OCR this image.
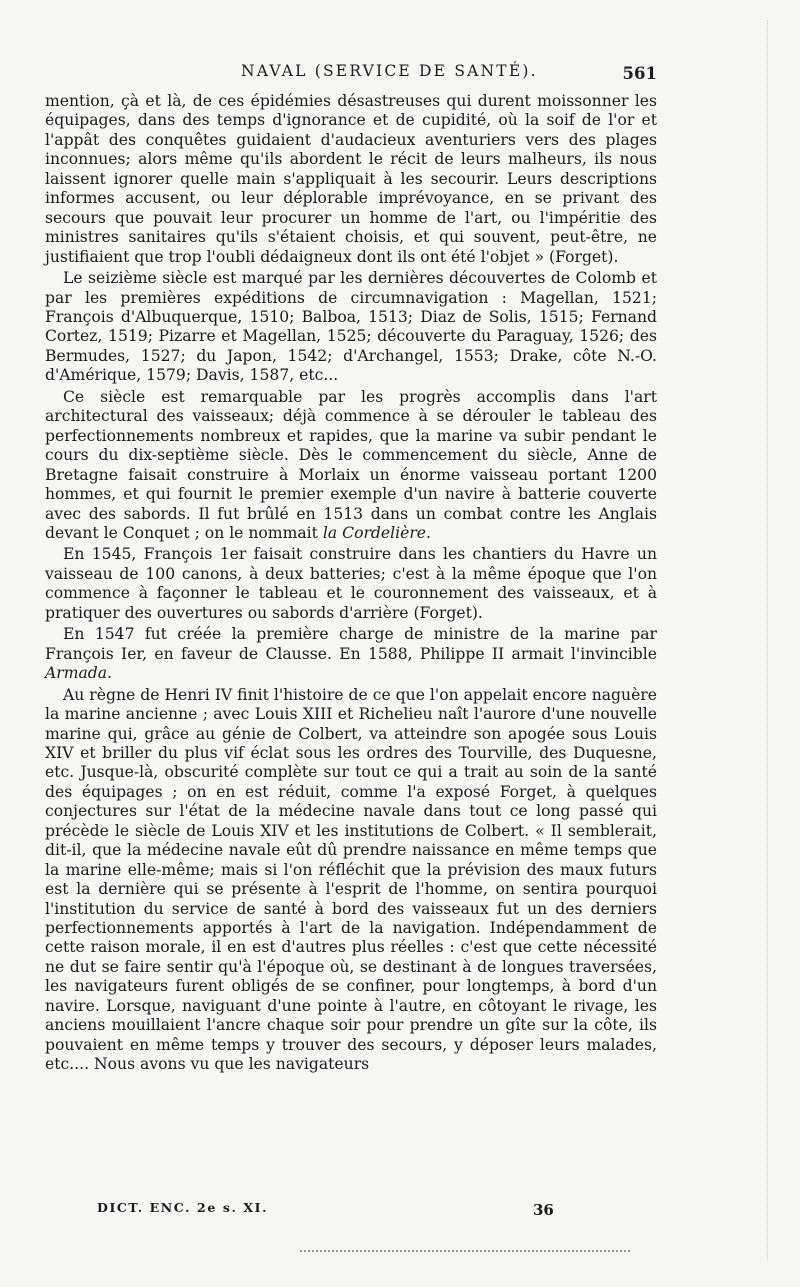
NAVAL (SERVICE DE SANTÉ).	561

mention, çà et là, de ces épidémies désastreuses qui durent moissonner les équipages, dans des temps d'ignorance et de cupidité, où la soif de l'or et l'appât des conquêtes guidaient d'audacieux aventuriers vers des plages inconnues; alors même qu'ils abordent le récit de leurs malheurs, ils nous laissent ignorer quelle main s'appliquait à les secourir. Leurs descriptions informes accusent, ou leur déplorable imprévoyance, en se privant des secours que pouvait leur procurer un homme de l'art, ou l'impéritie des ministres sanitaires qu'ils s'étaient choisis, et qui souvent, peut-être, ne justifiaient que trop l'oubli dédaigneux dont ils ont été l'objet » (Forget).

Le seizième siècle est marqué par les dernières découvertes de Colomb et par les premières expéditions de circumnavigation : Magellan, 1521; François d'Albuquerque, 1510; Balboa, 1513; Diaz de Solis, 1515; Fernand Cortez, 1519; Pizarre et Magellan, 1525; découverte du Paraguay, 1526; des Bermudes, 1527; du Japon, 1542; d'Archangel, 1553; Drake, côte N.-O. d'Amérique, 1579; Davis, 1587, etc...

Ce siècle est remarquable par les progrès accomplis dans l'art architectural des vaisseaux; déjà commence à se dérouler le tableau des perfectionnements nombreux et rapides, que la marine va subir pendant le cours du dix-septième siècle. Dès le commencement du siècle, Anne de Bretagne faisait construire à Morlaix un énorme vaisseau portant 1200 hommes, et qui fournit le premier exemple d'un navire à batterie couverte avec des sabords. Il fut brûlé en 1513 dans un combat contre les Anglais devant le Conquet ; on le nommait la Cordelière.

En 1545, François 1er faisait construire dans les chantiers du Havre un vaisseau de 100 canons, à deux batteries; c'est à la même époque que l'on commence à façonner le tableau et le couronnement des vaisseaux, et à pratiquer des ouvertures ou sabords d'arrière (Forget).

En 1547 fut créée la première charge de ministre de la marine par François Ier, en faveur de Clausse. En 1588, Philippe II armait l'invincible Armada.

Au règne de Henri IV finit l'histoire de ce que l'on appelait encore naguère la marine ancienne ; avec Louis XIII et Richelieu naît l'aurore d'une nouvelle marine qui, grâce au génie de Colbert, va atteindre son apogée sous Louis XIV et briller du plus vif éclat sous les ordres des Tourville, des Duquesne, etc. Jusque-là, obscurité complète sur tout ce qui a trait au soin de la santé des équipages ; on en est réduit, comme l'a exposé Forget, à quelques conjectures sur l'état de la médecine navale dans tout ce long passé qui précède le siècle de Louis XIV et les institutions de Colbert. « Il semblerait, dit-il, que la médecine navale eût dû prendre naissance en même temps que la marine elle-même; mais si l'on réfléchit que la prévision des maux futurs est la dernière qui se présente à l'esprit de l'homme, on sentira pourquoi l'institution du service de santé à bord des vaisseaux fut un des derniers perfectionnements apportés à l'art de la navigation. Indépendamment de cette raison morale, il en est d'autres plus réelles : c'est que cette nécessité ne dut se faire sentir qu'à l'époque où, se destinant à de longues traversées, les navigateurs furent obligés de se confiner, pour longtemps, à bord d'un navire. Lorsque, naviguant d'une pointe à l'autre, en côtoyant le rivage, les anciens mouillaient l'ancre chaque soir pour prendre un gîte sur la côte, ils pouvaient en même temps y trouver des secours, y déposer leurs malades, etc.... Nous avons vu que les navigateurs

DICT. ENC. 2e s. XI.	36
